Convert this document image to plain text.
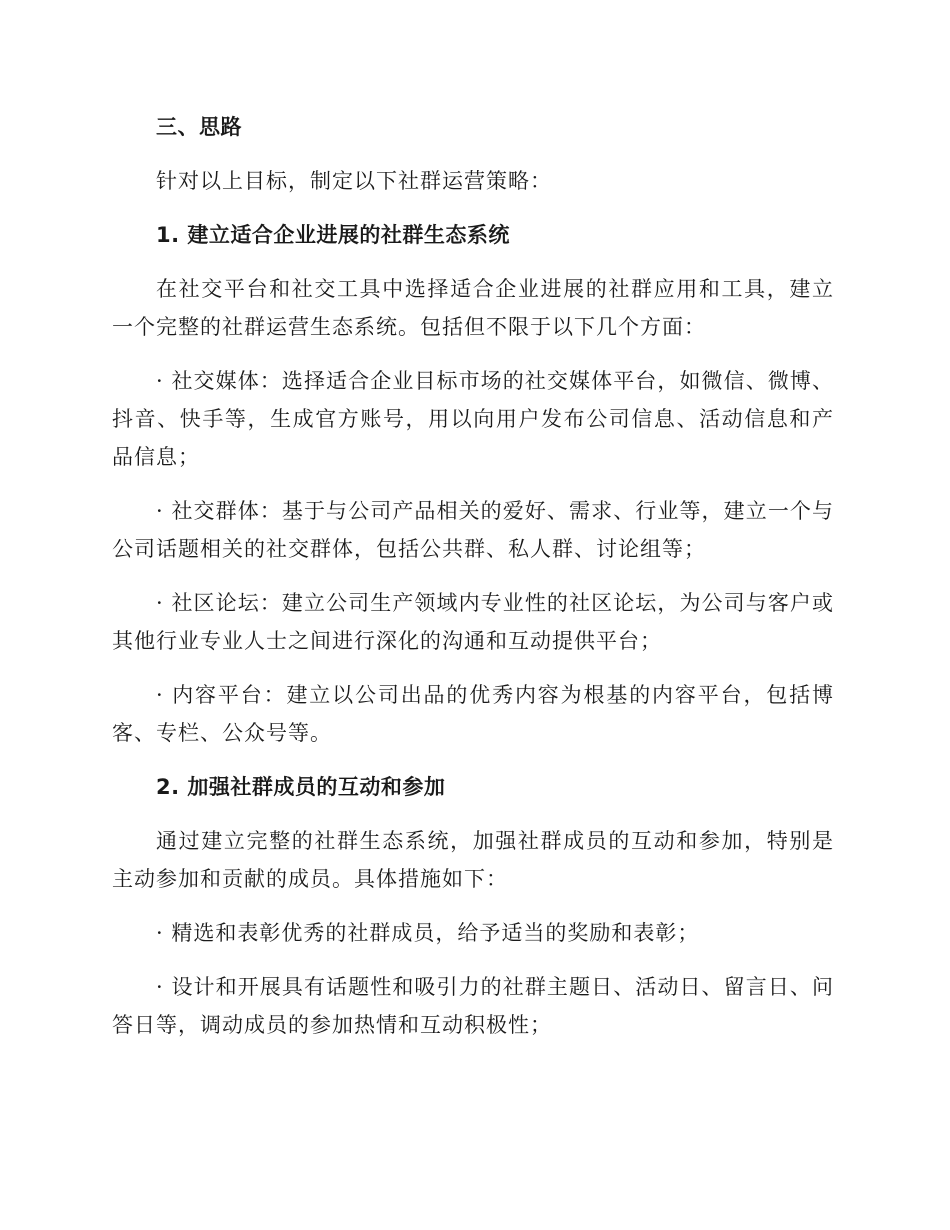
三、思路

针对以上目标，制定以下社群运营策略：

1. 建立适合企业进展的社群生态系统

在社交平台和社交工具中选择适合企业进展的社群应用和工具，建立一个完整的社群运营生态系统。包括但不限于以下几个方面：

· 社交媒体：选择适合企业目标市场的社交媒体平台，如微信、微博、抖音、快手等，生成官方账号，用以向用户发布公司信息、活动信息和产品信息；

· 社交群体：基于与公司产品相关的爱好、需求、行业等，建立一个与公司话题相关的社交群体，包括公共群、私人群、讨论组等；

· 社区论坛：建立公司生产领域内专业性的社区论坛，为公司与客户或其他行业专业人士之间进行深化的沟通和互动提供平台；

· 内容平台：建立以公司出品的优秀内容为根基的内容平台，包括博客、专栏、公众号等。

2. 加强社群成员的互动和参加

通过建立完整的社群生态系统，加强社群成员的互动和参加，特别是主动参加和贡献的成员。具体措施如下：

· 精选和表彰优秀的社群成员，给予适当的奖励和表彰；

· 设计和开展具有话题性和吸引力的社群主题日、活动日、留言日、问答日等，调动成员的参加热情和互动积极性；
